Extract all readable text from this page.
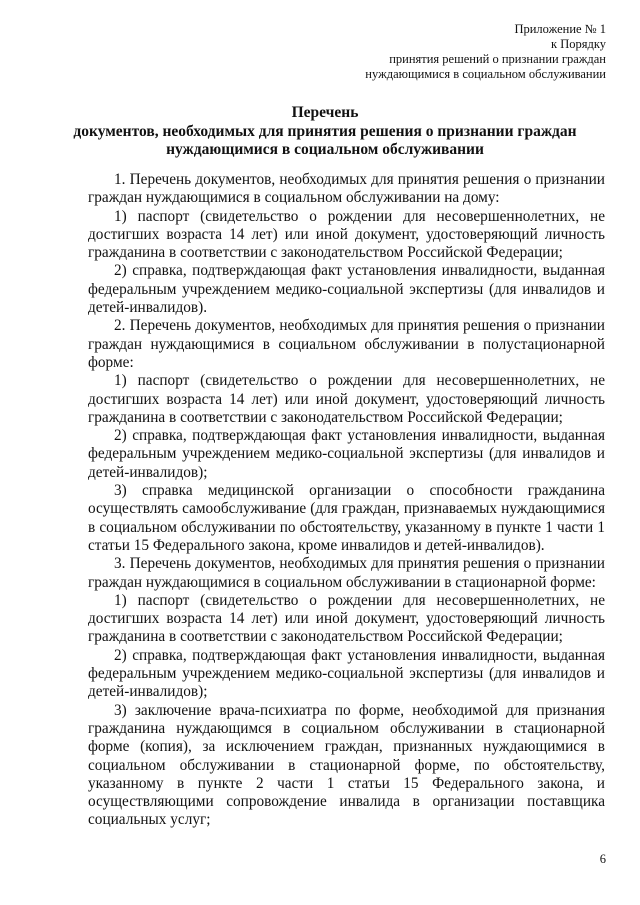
Приложение № 1
к Порядку
принятия решений о признании граждан
нуждающимися в социальном обслуживании
Перечень
документов, необходимых для принятия решения о признании граждан
нуждающимися в социальном обслуживании

1. Перечень документов, необходимых для принятия решения о признании граждан нуждающимися в социальном обслуживании на дому:

1) паспорт (свидетельство о рождении для несовершеннолетних, не достигших возраста 14 лет) или иной документ, удостоверяющий личность гражданина в соответствии с законодательством Российской Федерации;

2) справка, подтверждающая факт установления инвалидности, выданная федеральным учреждением медико-социальной экспертизы (для инвалидов и детей-инвалидов).

2. Перечень документов, необходимых для принятия решения о признании граждан нуждающимися в социальном обслуживании в полустационарной форме:

1) паспорт (свидетельство о рождении для несовершеннолетних, не достигших возраста 14 лет) или иной документ, удостоверяющий личность гражданина в соответствии с законодательством Российской Федерации;

2) справка, подтверждающая факт установления инвалидности, выданная федеральным учреждением медико-социальной экспертизы (для инвалидов и детей-инвалидов);

3) справка медицинской организации о способности гражданина осуществлять самообслуживание (для граждан, признаваемых нуждающимися в социальном обслуживании по обстоятельству, указанному в пункте 1 части 1 статьи 15 Федерального закона, кроме инвалидов и детей-инвалидов).

3. Перечень документов, необходимых для принятия решения о признании граждан нуждающимися в социальном обслуживании в стационарной форме:

1) паспорт (свидетельство о рождении для несовершеннолетних, не достигших возраста 14 лет) или иной документ, удостоверяющий личность гражданина в соответствии с законодательством Российской Федерации;

2) справка, подтверждающая факт установления инвалидности, выданная федеральным учреждением медико-социальной экспертизы (для инвалидов и детей-инвалидов);

3) заключение врача-психиатра по форме, необходимой для признания гражданина нуждающимся в социальном обслуживании в стационарной форме (копия), за исключением граждан, признанных нуждающимися в социальном обслуживании в стационарной форме, по обстоятельству, указанному в пункте 2 части 1 статьи 15 Федерального закона, и осуществляющими сопровождение инвалида в организации поставщика социальных услуг;

6
